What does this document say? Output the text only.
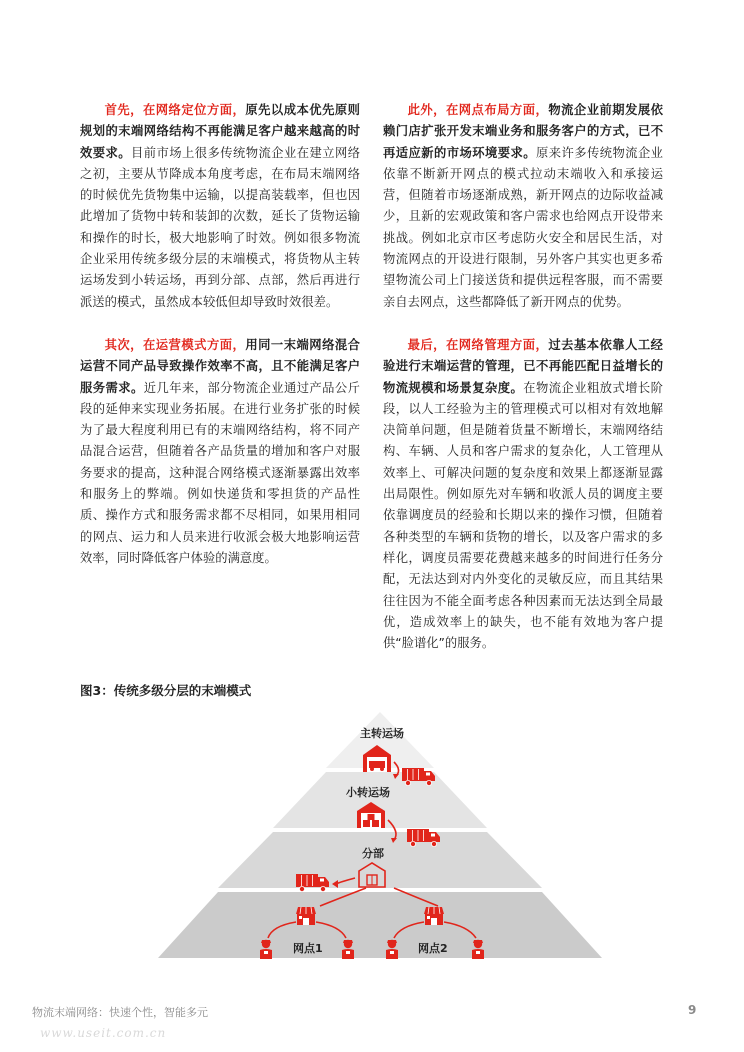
首先，在网络定位方面，原先以成本优先原则规划的末端网络结构不再能满足客户越来越高的时效要求。目前市场上很多传统物流企业在建立网络之初，主要从节降成本角度考虑，在布局末端网络的时候优先货物集中运输，以提高装载率，但也因此增加了货物中转和装卸的次数，延长了货物运输和操作的时长，极大地影响了时效。例如很多物流企业采用传统多级分层的末端模式，将货物从主转运场发到小转运场，再到分部、点部，然后再进行派送的模式，虽然成本较低但却导致时效很差。

其次，在运营模式方面，用同一末端网络混合运营不同产品导致操作效率不高，且不能满足客户服务需求。近几年来，部分物流企业通过产品公斤段的延伸来实现业务拓展。在进行业务扩张的时候为了最大程度利用已有的末端网络结构，将不同产品混合运营，但随着各产品货量的增加和客户对服务要求的提高，这种混合网络模式逐渐暴露出效率和服务上的弊端。例如快递货和零担货的产品性质、操作方式和服务需求都不尽相同，如果用相同的网点、运力和人员来进行收派会极大地影响运营效率，同时降低客户体验的满意度。

此外，在网点布局方面，物流企业前期发展依赖门店扩张开发末端业务和服务客户的方式，已不再适应新的市场环境要求。原来许多传统物流企业依靠不断新开网点的模式拉动末端收入和承接运营，但随着市场逐渐成熟，新开网点的边际收益减少，且新的宏观政策和客户需求也给网点开设带来挑战。例如北京市区考虑防火安全和居民生活，对物流网点的开设进行限制，另外客户其实也更多希望物流公司上门接送货和提供远程客服，而不需要亲自去网点，这些都降低了新开网点的优势。

最后，在网络管理方面，过去基本依靠人工经验进行末端运营的管理，已不再能匹配日益增长的物流规模和场景复杂度。在物流企业粗放式增长阶段，以人工经验为主的管理模式可以相对有效地解决简单问题，但是随着货量不断增长，末端网络结构、车辆、人员和客户需求的复杂化，人工管理从效率上、可解决问题的复杂度和效果上都逐渐显露出局限性。例如原先对车辆和收派人员的调度主要依靠调度员的经验和长期以来的操作习惯，但随着各种类型的车辆和货物的增长，以及客户需求的多样化，调度员需要花费越来越多的时间进行任务分配，无法达到对内外变化的灵敏反应，而且其结果往往因为不能全面考虑各种因素而无法达到全局最优，造成效率上的缺失，也不能有效地为客户提供“脸谱化”的服务。

图3：传统多级分层的末端模式
主转运场
小转运场
分部
网点1	网点2
物流末端网络：快速个性，智能多元	9
www.useit.com.cn
